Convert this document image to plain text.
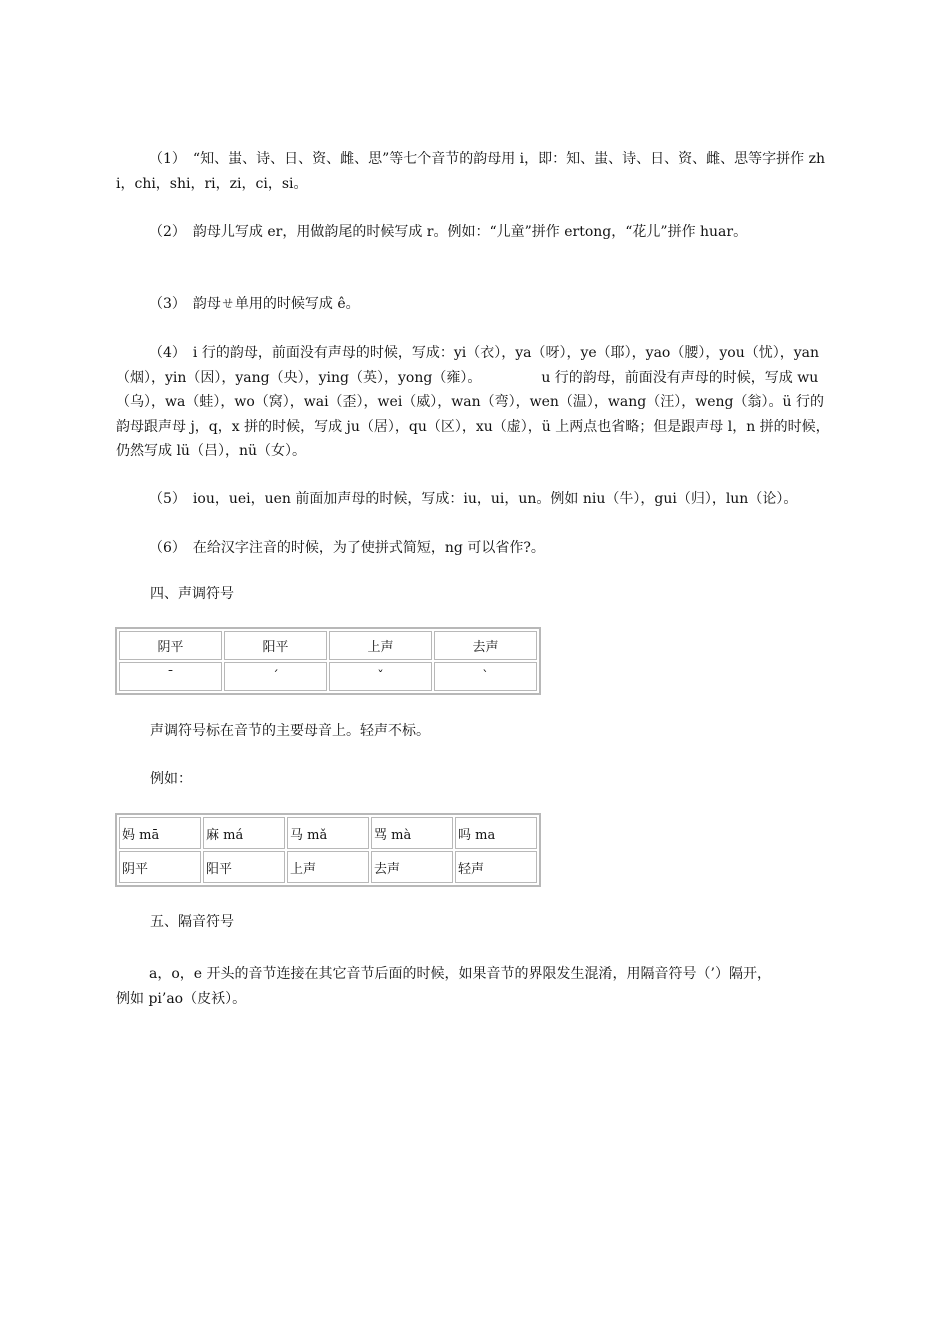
（1）　“知、蚩、诗、日、资、雌、思”等七个音节的韵母用 i，即：知、蚩、诗、日、资、雌、思等字拼作 zhi，chi，shi，ri，zi，ci，si。
（2）　韵母儿写成 er，用做韵尾的时候写成 r。例如：“儿童”拼作 ertong，“花儿”拼作 huar。
（3）　韵母ㄝ单用的时候写成 ê。
（4）　i 行的韵母，前面没有声母的时候，写成：yi（衣），ya（呀），ye（耶），yao（腰），you（忧），yan（烟），yin（因），yang（央），ying（英），yong（雍）。	u 行的韵母，前面没有声母的时候，写成 wu（乌），wa（蛙），wo（窝），wai（歪），wei（威），wan（弯），wen（温），wang（汪），weng（翁）。ü 行的韵母跟声母 j，q，x 拼的时候，写成 ju（居），qu（区），xu（虚），ü 上两点也省略；但是跟声母 l，n 拼的时候，仍然写成 lü（吕），nü（女）。
（5）　iou，uei，uen 前面加声母的时候，写成：iu，ui，un。例如 niu（牛），gui（归），lun（论）。
（6）　在给汉字注音的时候，为了使拼式简短，ng 可以省作?。
四、声调符号
阴平	阳平	上声	去声
ˉ	ˊ	ˇ	ˋ
声调符号标在音节的主要母音上。轻声不标。
例如：
妈 mā	麻 má	马 mǎ	骂 mà	吗 ma
阴平	阳平	上声	去声	轻声
五、隔音符号
a，o，e 开头的音节连接在其它音节后面的时候，如果音节的界限发生混淆，用隔音符号（’）隔开，
例如 pi’ao（皮袄）。
